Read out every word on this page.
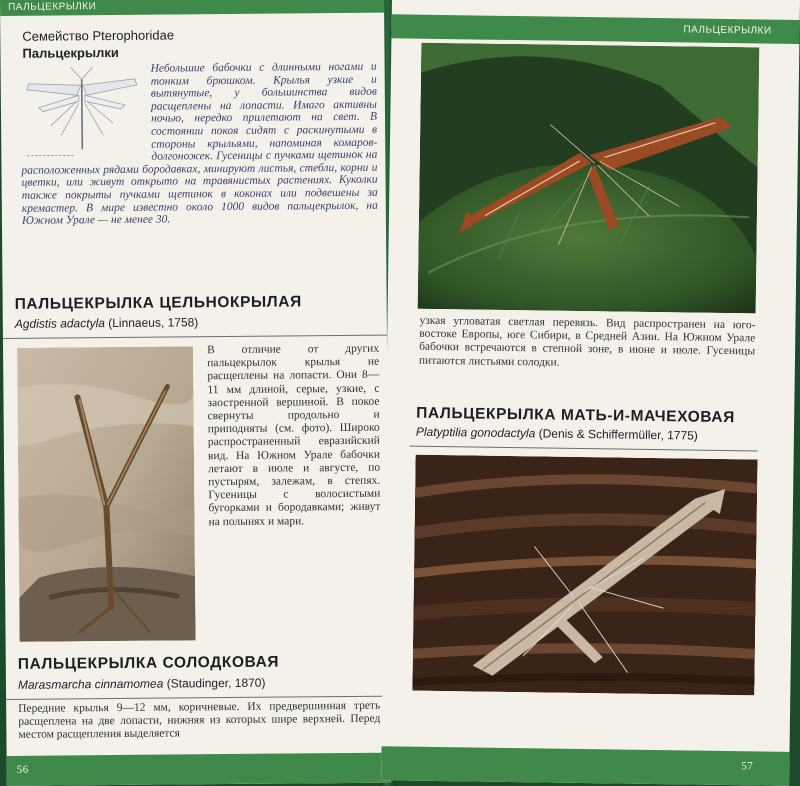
ПАЛЬЦЕКРЫЛКИ
Семейство Pterophoridae
Пальцекрылки

Небольшие бабочки с длинными ногами и тонким брюшком. Крылья узкие и вытянутые, у большинства видов расщеплены на лопасти. Имаго активны ночью, нередко прилетают на свет. В состоянии покоя сидят с раскинутыми в стороны крыльями, напоминая комаров-долгоножек. Гусеницы с пучками щетинок на расположенных рядами бородавках, минируют листья, стебли, корни и цветки, или живут открыто на травянистых растениях. Куколки также покрыты пучками щетинок в коконах или подвешены за кремастер. В мире известно около 1000 видов пальцекрылок, на Южном Урале — не менее 30.

ПАЛЬЦЕКРЫЛКА ЦЕЛЬНОКРЫЛАЯ

Agdistis adactyla (Linnaeus, 1758)

В отличие от других пальцекрылок крылья не расщеплены на лопасти. Они 8—11 мм длиной, серые, узкие, с заостренной вершиной. В покое свернуты продольно и приподняты (см. фото). Широко распространенный евразийский вид. На Южном Урале бабочки летают в июле и августе, по пустырям, залежам, в степях. Гусеницы с волосистыми бугорками и бородавками; живут на полынях и мари.

ПАЛЬЦЕКРЫЛКА СОЛОДКОВАЯ

Marasmarcha cinnamomea (Staudinger, 1870)

Передние крылья 9—12 мм, коричневые. Их предвершинная треть расщеплена на две лопасти, нижняя из которых шире верхней. Перед местом расщепления выделяется

56
ПАЛЬЦЕКРЫЛКИ

узкая угловатая светлая перевязь. Вид распространен на юго-востоке Европы, юге Сибири, в Средней Азии. На Южном Урале бабочки встречаются в степной зоне, в июне и июле. Гусеницы питаются листьями солодки.

ПАЛЬЦЕКРЫЛКА МАТЬ-И-МАЧЕХОВАЯ

Platyptilia gonodactyla (Denis & Schiffermüller, 1775)

57
